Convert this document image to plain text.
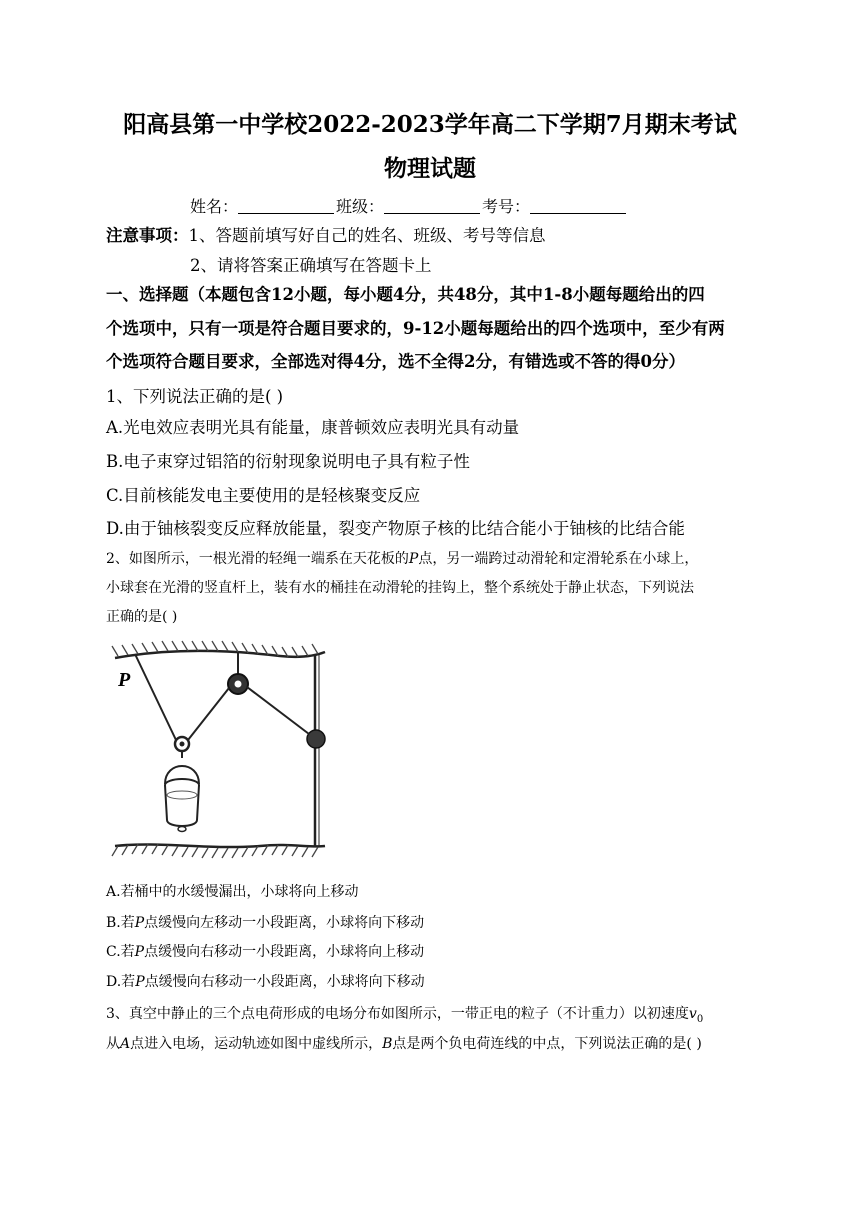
阳高县第一中学校2022-2023学年高二下学期7月期末考试
物理试题
姓名：	班级：	考号：
注意事项：1、答题前填写好自己的姓名、班级、考号等信息
2、请将答案正确填写在答题卡上
一、选择题（本题包含12小题，每小题4分，共48分，其中1-8小题每题给出的四
个选项中，只有一项是符合题目要求的，9-12小题每题给出的四个选项中，至少有两
个选项符合题目要求，全部选对得4分，选不全得2分，有错选或不答的得0分）
1、下列说法正确的是( )
A.光电效应表明光具有能量，康普顿效应表明光具有动量
B.电子束穿过铝箔的衍射现象说明电子具有粒子性
C.目前核能发电主要使用的是轻核聚变反应
D.由于铀核裂变反应释放能量，裂变产物原子核的比结合能小于铀核的比结合能
2、如图所示，一根光滑的轻绳一端系在天花板的P点，另一端跨过动滑轮和定滑轮系在小球上，
小球套在光滑的竖直杆上，装有水的桶挂在动滑轮的挂钩上，整个系统处于静止状态，下列说法
正确的是( )
P
A.若桶中的水缓慢漏出，小球将向上移动
B.若P点缓慢向左移动一小段距离，小球将向下移动
C.若P点缓慢向右移动一小段距离，小球将向上移动
D.若P点缓慢向右移动一小段距离，小球将向下移动
3、真空中静止的三个点电荷形成的电场分布如图所示，一带正电的粒子（不计重力）以初速度$v_0$
从A点进入电场，运动轨迹如图中虚线所示，B点是两个负电荷连线的中点，下列说法正确的是( )
